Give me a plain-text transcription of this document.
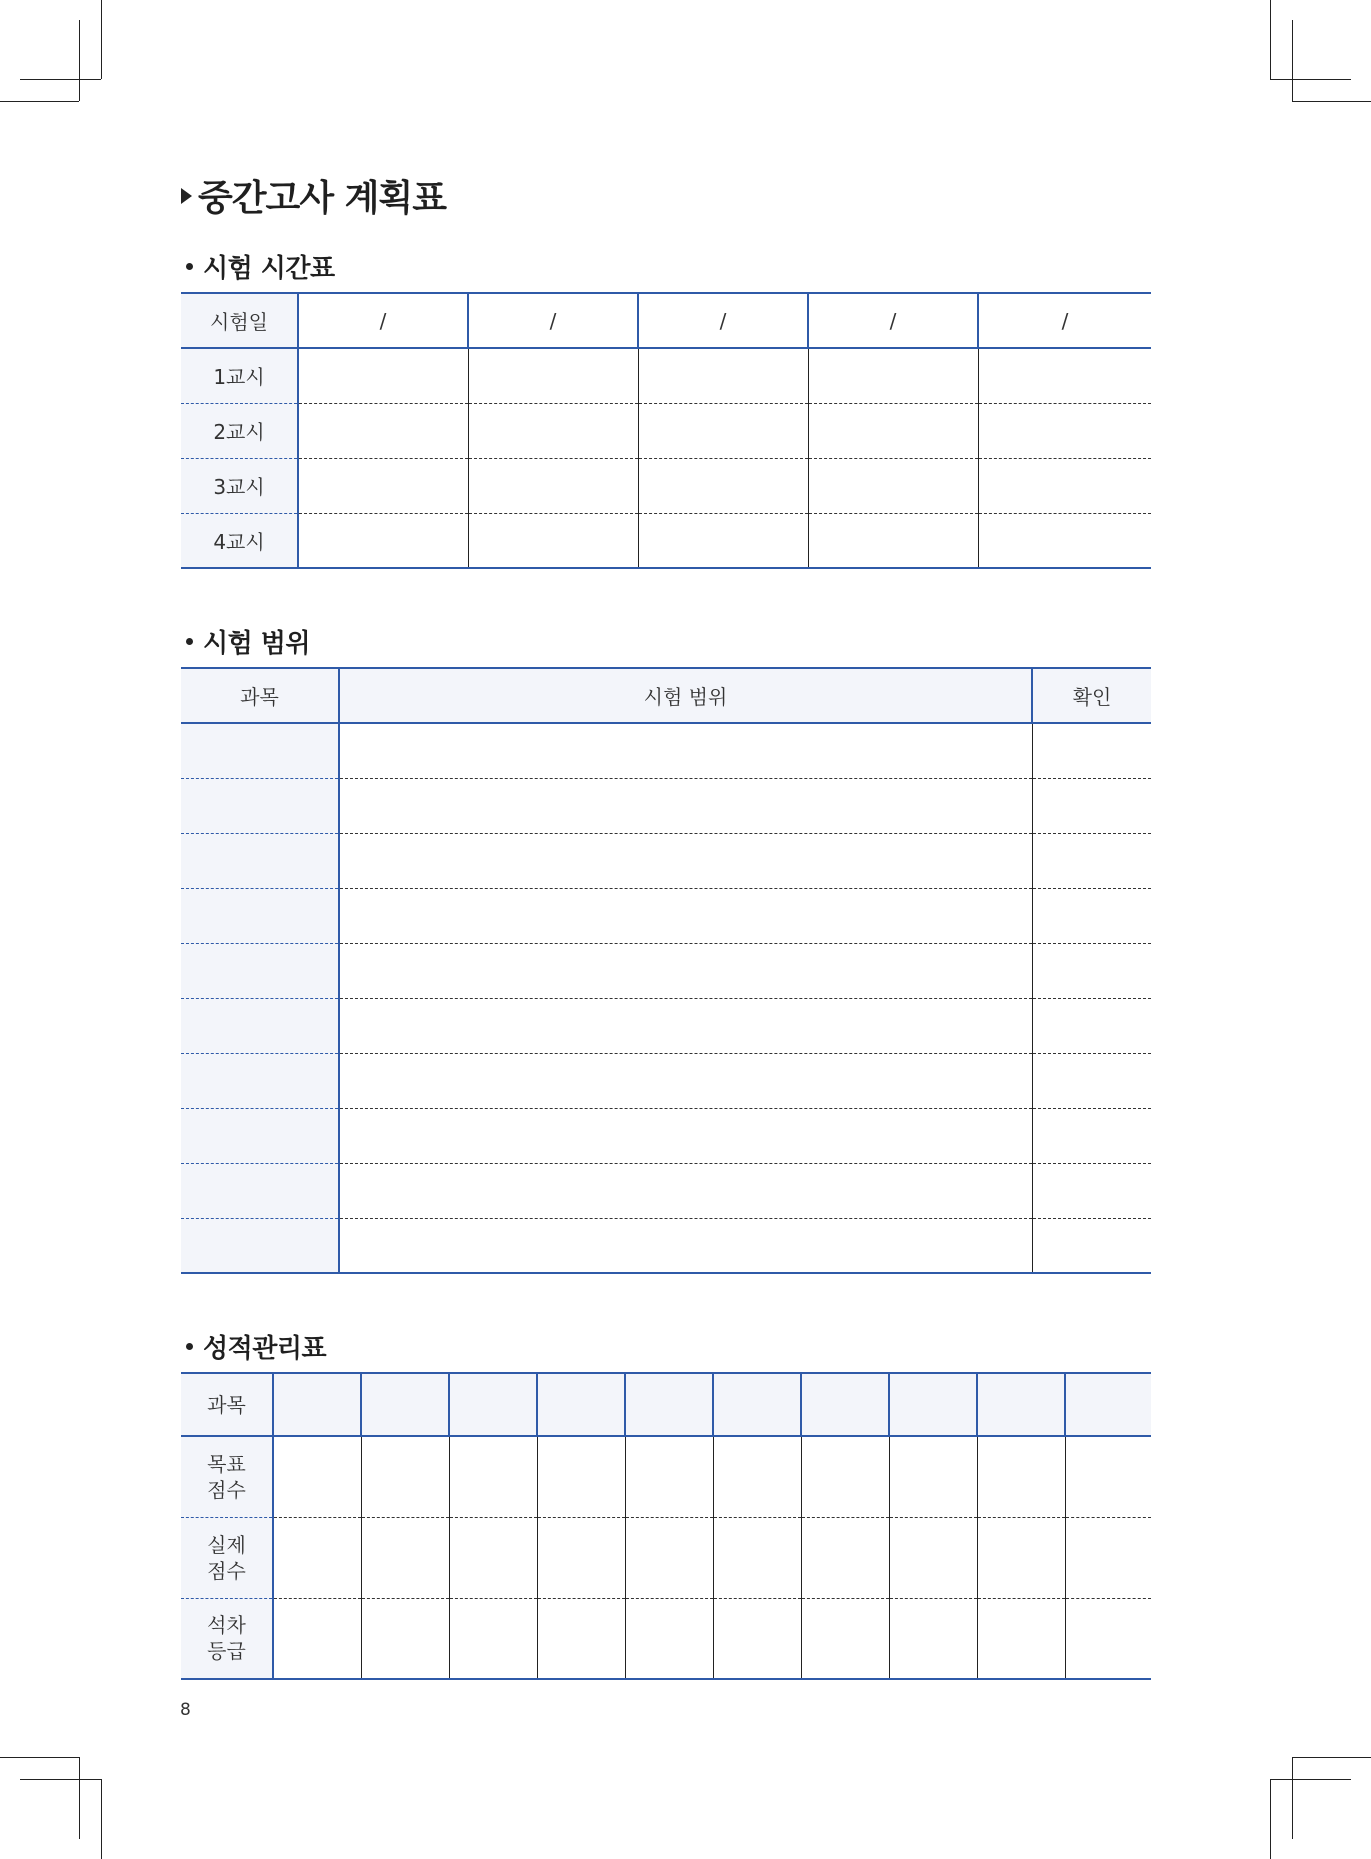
중간고사 계획표
시험 시간표
시험일	/	/	/	/	/
1교시					
2교시					
3교시					
4교시					
시험 범위
과목	시험 범위	확인

성적관리표
과목										

목표
점수										

실제
점수										

석차
등급										

8
